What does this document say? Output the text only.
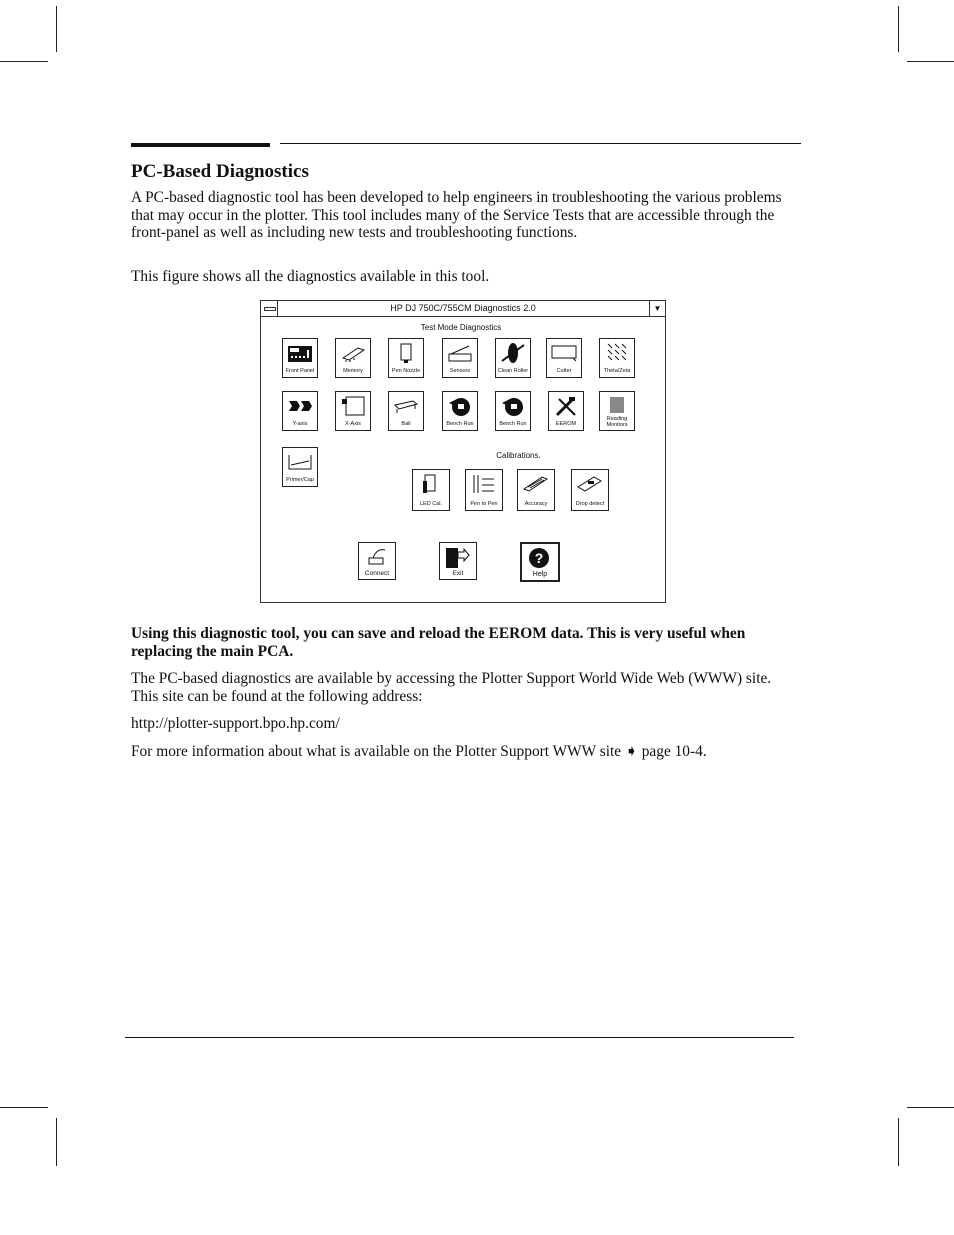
PC-Based Diagnostics

A PC-based diagnostic tool has been developed to help engineers in troubleshooting the various problems that may occur in the plotter. This tool includes many of the Service Tests that are accessible through the front-panel as well as including new tests and troubleshooting functions.

This figure shows all the diagnostics available in this tool.

HP DJ 750C/755CM Diagnostics 2.0	▼
Test Mode Diagnostics
Front Panel	Memory	Pen Nozzle	Sensors	Clean Roller	Cutter	Theta/Zeta
Y-axis	X-Axis	Bail	Bench Run	Bench Run	EEROM
Reading Monitors
Primer/Cap
Calibrations.
LED Cal.	Pen to Pen	Accuracy	Drop detect
Connect	Exit
?
Help

Using this diagnostic tool, you can save and reload the EEROM data. This is very useful when replacing the main PCA.

The PC-based diagnostics are available by accessing the Plotter Support World Wide Web (WWW) site. This site can be found at the following address:

http://plotter-support.bpo.hp.com/

For more information about what is available on the Plotter Support WWW site ➧ page 10-4.
